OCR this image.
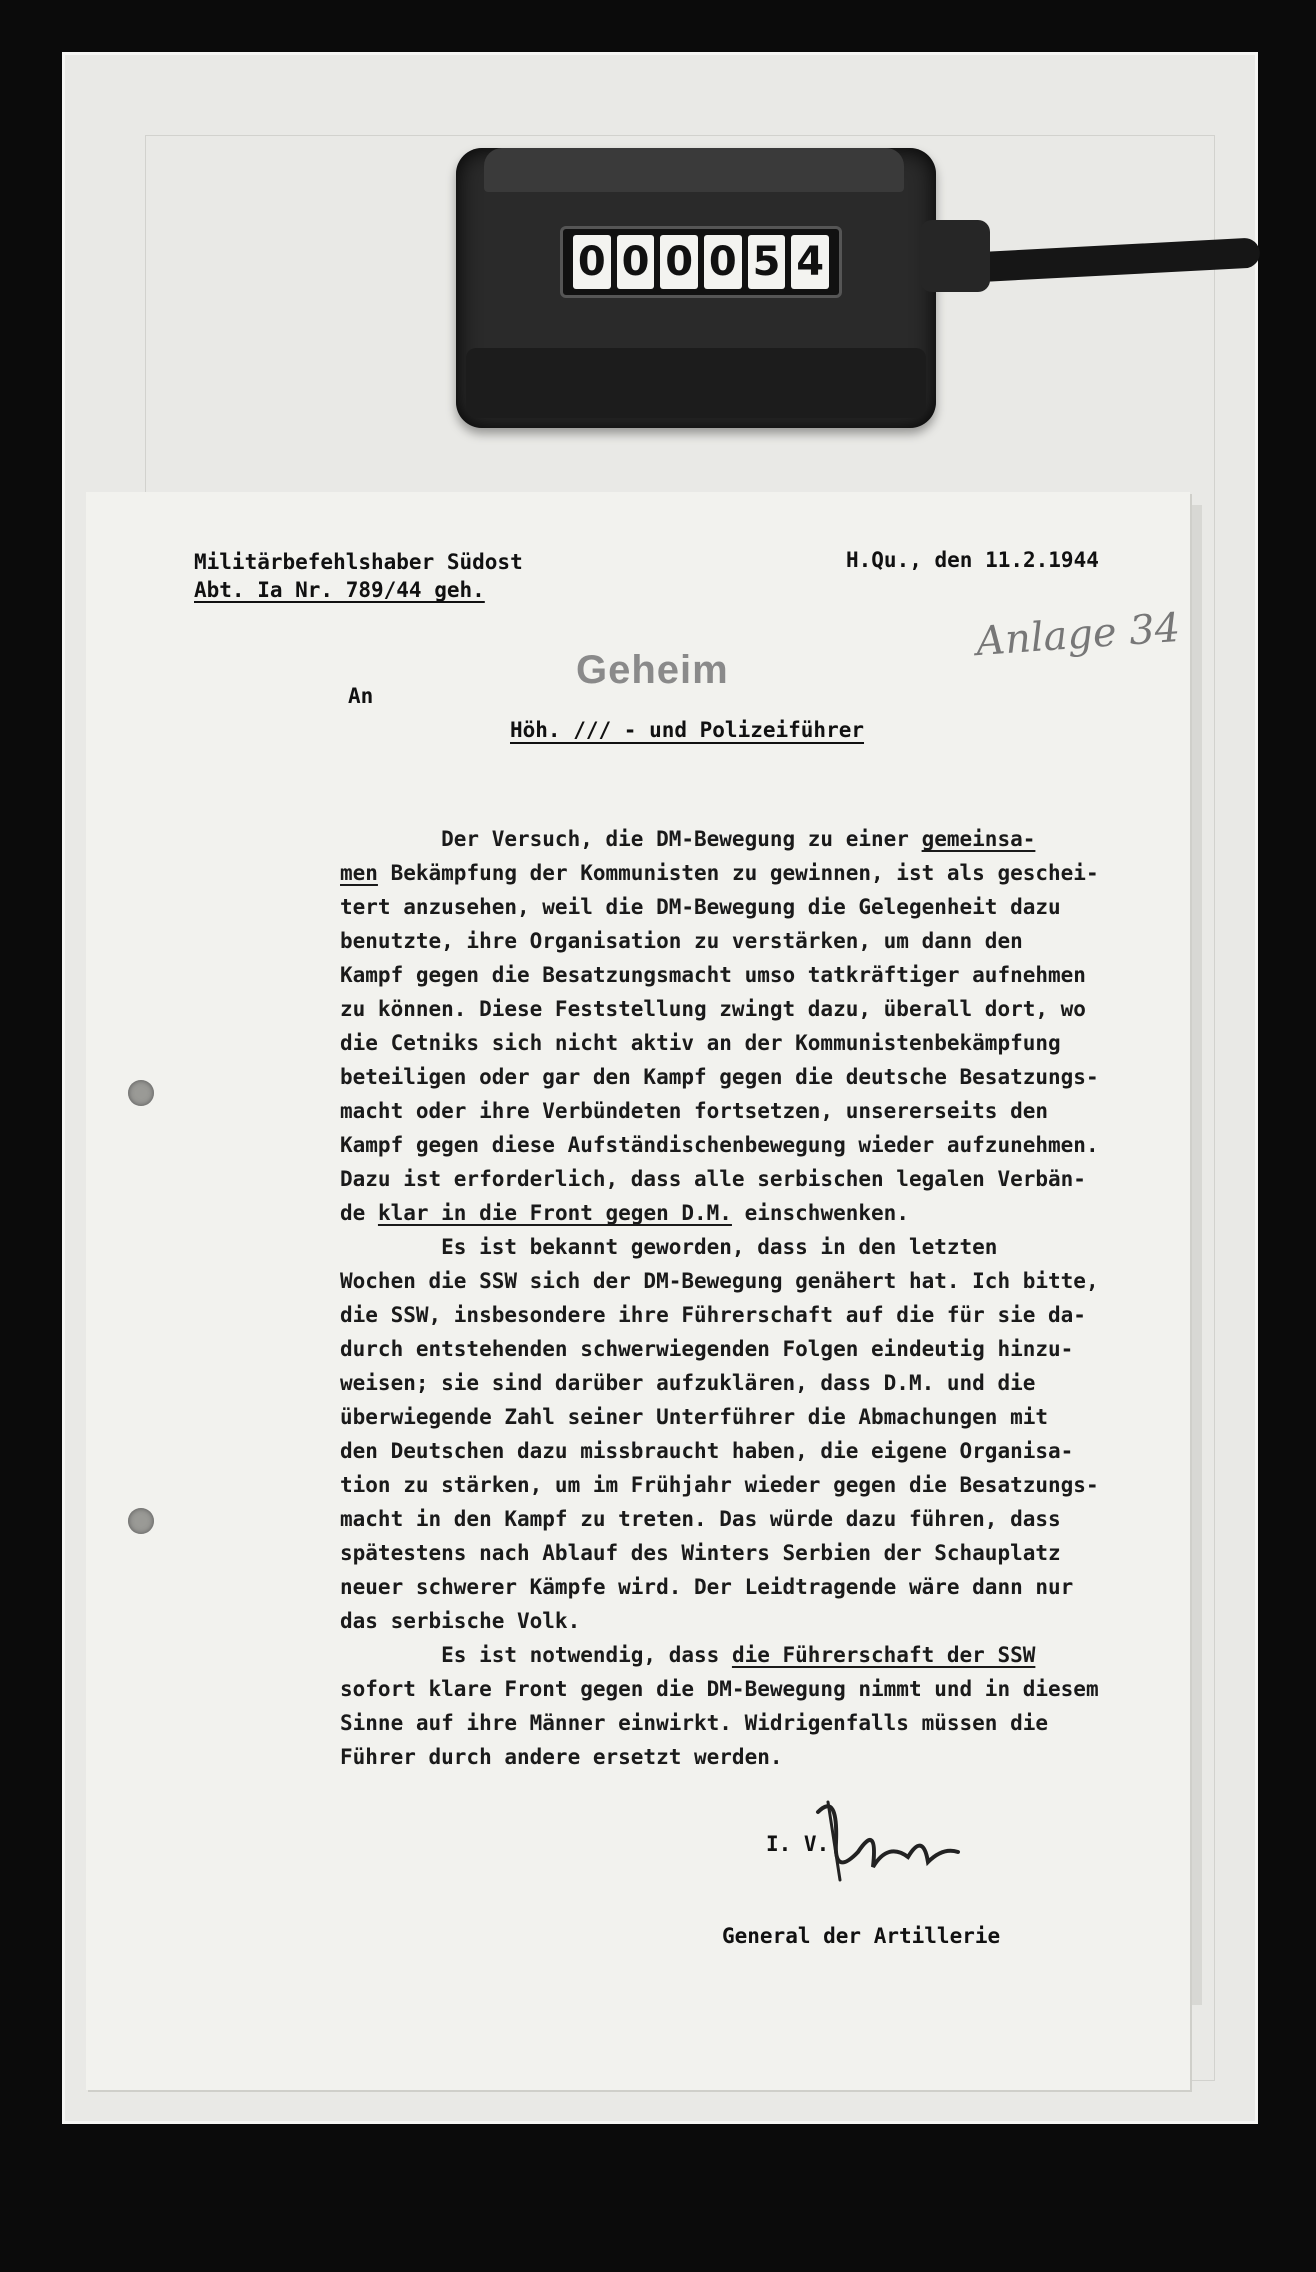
0 0 0 0 5 4
Militärbefehlshaber Südost
Abt. Ia Nr. 789/44 geh.
H.Qu., den 11.2.1944
Anlage 34
Geheim
An
Höh. /// - und Polizeiführer
Der Versuch, die DM-Bewegung zu einer gemeinsa-
men Bekämpfung der Kommunisten zu gewinnen, ist als geschei-
tert anzusehen, weil die DM-Bewegung die Gelegenheit dazu
benutzte, ihre Organisation zu verstärken, um dann den
Kampf gegen die Besatzungsmacht umso tatkräftiger aufnehmen
zu können. Diese Feststellung zwingt dazu, überall dort, wo
die Cetniks sich nicht aktiv an der Kommunistenbekämpfung
beteiligen oder gar den Kampf gegen die deutsche Besatzungs-
macht oder ihre Verbündeten fortsetzen, unsererseits den
Kampf gegen diese Aufständischenbewegung wieder aufzunehmen.
Dazu ist erforderlich, dass alle serbischen legalen Verbän-
de klar in die Front gegen D.M. einschwenken.
Es ist bekannt geworden, dass in den letzten
Wochen die SSW sich der DM-Bewegung genähert hat. Ich bitte,
die SSW, insbesondere ihre Führerschaft auf die für sie da-
durch entstehenden schwerwiegenden Folgen eindeutig hinzu-
weisen; sie sind darüber aufzuklären, dass D.M. und die
überwiegende Zahl seiner Unterführer die Abmachungen mit
den Deutschen dazu missbraucht haben, die eigene Organisa-
tion zu stärken, um im Frühjahr wieder gegen die Besatzungs-
macht in den Kampf zu treten. Das würde dazu führen, dass
spätestens nach Ablauf des Winters Serbien der Schauplatz
neuer schwerer Kämpfe wird. Der Leidtragende wäre dann nur
das serbische Volk.
Es ist notwendig, dass die Führerschaft der SSW
sofort klare Front gegen die DM-Bewegung nimmt und in diesem
Sinne auf ihre Männer einwirkt. Widrigenfalls müssen die
Führer durch andere ersetzt werden.
I. V.
General der Artillerie
